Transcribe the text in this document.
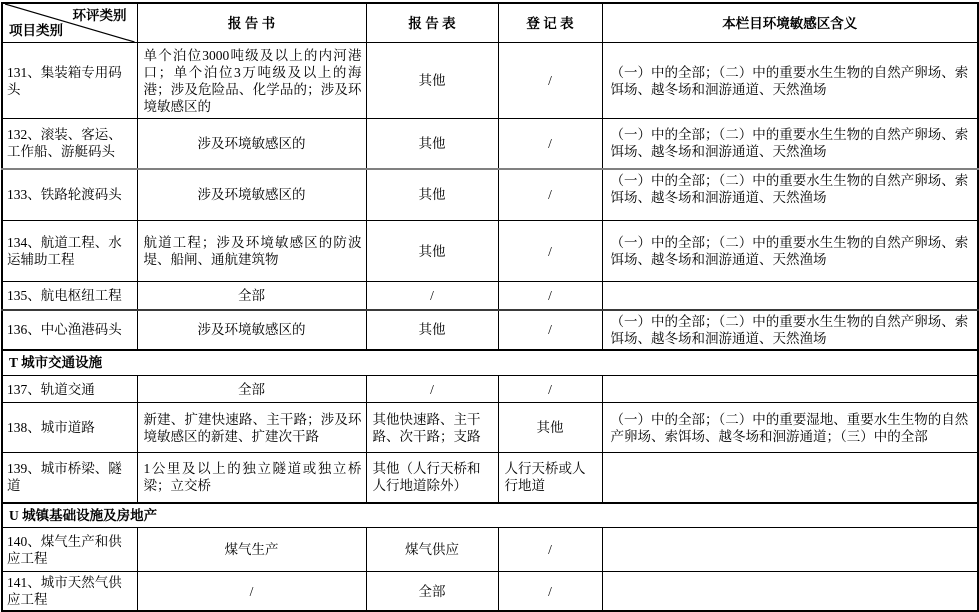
环评类别
项目类别	报 告 书	报 告 表	登 记 表	本栏目环境敏感区含义
131、集装箱专用码头	单个泊位3000吨级及以上的内河港口；单个泊位3万吨级及以上的海港；涉及危险品、化学品的；涉及环境敏感区的	其他	/	（一）中的全部；（二）中的重要水生生物的自然产卵场、索饵场、越冬场和洄游通道、天然渔场
132、滚装、客运、工作船、游艇码头	涉及环境敏感区的	其他	/	（一）中的全部；（二）中的重要水生生物的自然产卵场、索饵场、越冬场和洄游通道、天然渔场
133、铁路轮渡码头	涉及环境敏感区的	其他	/	（一）中的全部；（二）中的重要水生生物的自然产卵场、索饵场、越冬场和洄游通道、天然渔场
134、航道工程、水运辅助工程	航道工程；涉及环境敏感区的防波堤、船闸、通航建筑物	其他	/	（一）中的全部；（二）中的重要水生生物的自然产卵场、索饵场、越冬场和洄游通道、天然渔场
135、航电枢纽工程	全部	/	/	
136、中心渔港码头	涉及环境敏感区的	其他	/	（一）中的全部；（二）中的重要水生生物的自然产卵场、索饵场、越冬场和洄游通道、天然渔场
T 城市交通设施				
137、轨道交通	全部	/	/	
138、城市道路	新建、扩建快速路、主干路；涉及环境敏感区的新建、扩建次干路	其他快速路、主干路、次干路；支路	其他	（一）中的全部；（二）中的重要湿地、重要水生生物的自然产卵场、索饵场、越冬场和洄游通道；（三）中的全部
139、城市桥梁、隧道	1公里及以上的独立隧道或独立桥梁；立交桥	其他（人行天桥和人行地道除外）	人行天桥或人行地道	
U 城镇基础设施及房地产				
140、煤气生产和供应工程	煤气生产	煤气供应	/	
141、城市天然气供应工程	/	全部	/	
